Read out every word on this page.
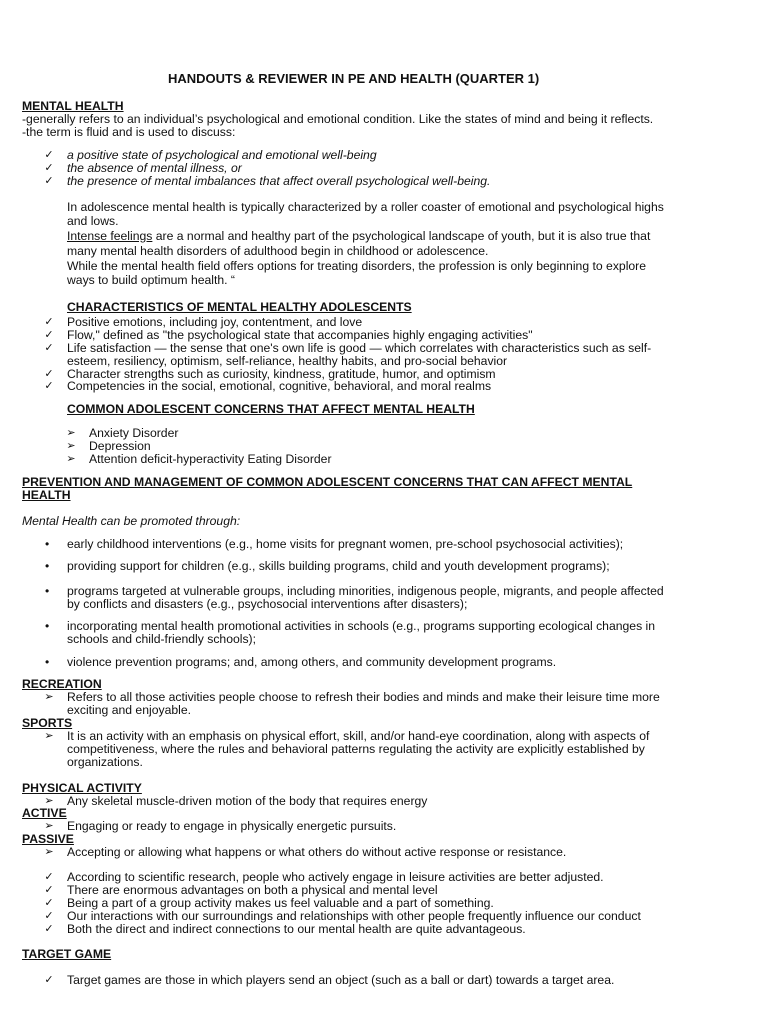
HANDOUTS & REVIEWER IN PE AND HEALTH (QUARTER 1)
MENTAL HEALTH
-generally refers to an individual’s psychological and emotional condition. Like the states of mind and being it reflects.
-the term is fluid and is used to discuss:
✓ a positive state of psychological and emotional well-being
✓ the absence of mental illness, or
✓ the presence of mental imbalances that affect overall psychological well-being.
In adolescence mental health is typically characterized by a roller coaster of emotional and psychological highs
and lows.
Intense feelings are a normal and healthy part of the psychological landscape of youth, but it is also true that
many mental health disorders of adulthood begin in childhood or adolescence.
While the mental health field offers options for treating disorders, the profession is only beginning to explore
ways to build optimum health. “
CHARACTERISTICS OF MENTAL HEALTHY ADOLESCENTS
✓ Positive emotions, including joy, contentment, and love
✓ Flow," defined as "the psychological state that accompanies highly engaging activities"
✓ Life satisfaction — the sense that one's own life is good — which correlates with characteristics such as self-
esteem, resiliency, optimism, self-reliance, healthy habits, and pro-social behavior
✓ Character strengths such as curiosity, kindness, gratitude, humor, and optimism
✓ Competencies in the social, emotional, cognitive, behavioral, and moral realms
COMMON ADOLESCENT CONCERNS THAT AFFECT MENTAL HEALTH
➢ Anxiety Disorder
➢ Depression
➢ Attention deficit-hyperactivity Eating Disorder
PREVENTION AND MANAGEMENT OF COMMON ADOLESCENT CONCERNS THAT CAN AFFECT MENTAL
HEALTH
Mental Health can be promoted through:
• early childhood interventions (e.g., home visits for pregnant women, pre-school psychosocial activities);
• providing support for children (e.g., skills building programs, child and youth development programs);
• programs targeted at vulnerable groups, including minorities, indigenous people, migrants, and people affected
by conflicts and disasters (e.g., psychosocial interventions after disasters);
• incorporating mental health promotional activities in schools (e.g., programs supporting ecological changes in
schools and child-friendly schools);
• violence prevention programs; and, among others, and community development programs.
RECREATION
➢ Refers to all those activities people choose to refresh their bodies and minds and make their leisure time more
exciting and enjoyable.
SPORTS
➢ It is an activity with an emphasis on physical effort, skill, and/or hand-eye coordination, along with aspects of
competitiveness, where the rules and behavioral patterns regulating the activity are explicitly established by
organizations.
PHYSICAL ACTIVITY
➢ Any skeletal muscle-driven motion of the body that requires energy
ACTIVE
➢ Engaging or ready to engage in physically energetic pursuits.
PASSIVE
➢ Accepting or allowing what happens or what others do without active response or resistance.
✓ According to scientific research, people who actively engage in leisure activities are better adjusted.
✓ There are enormous advantages on both a physical and mental level
✓ Being a part of a group activity makes us feel valuable and a part of something.
✓ Our interactions with our surroundings and relationships with other people frequently influence our conduct
✓ Both the direct and indirect connections to our mental health are quite advantageous.
TARGET GAME
✓ Target games are those in which players send an object (such as a ball or dart) towards a target area.
